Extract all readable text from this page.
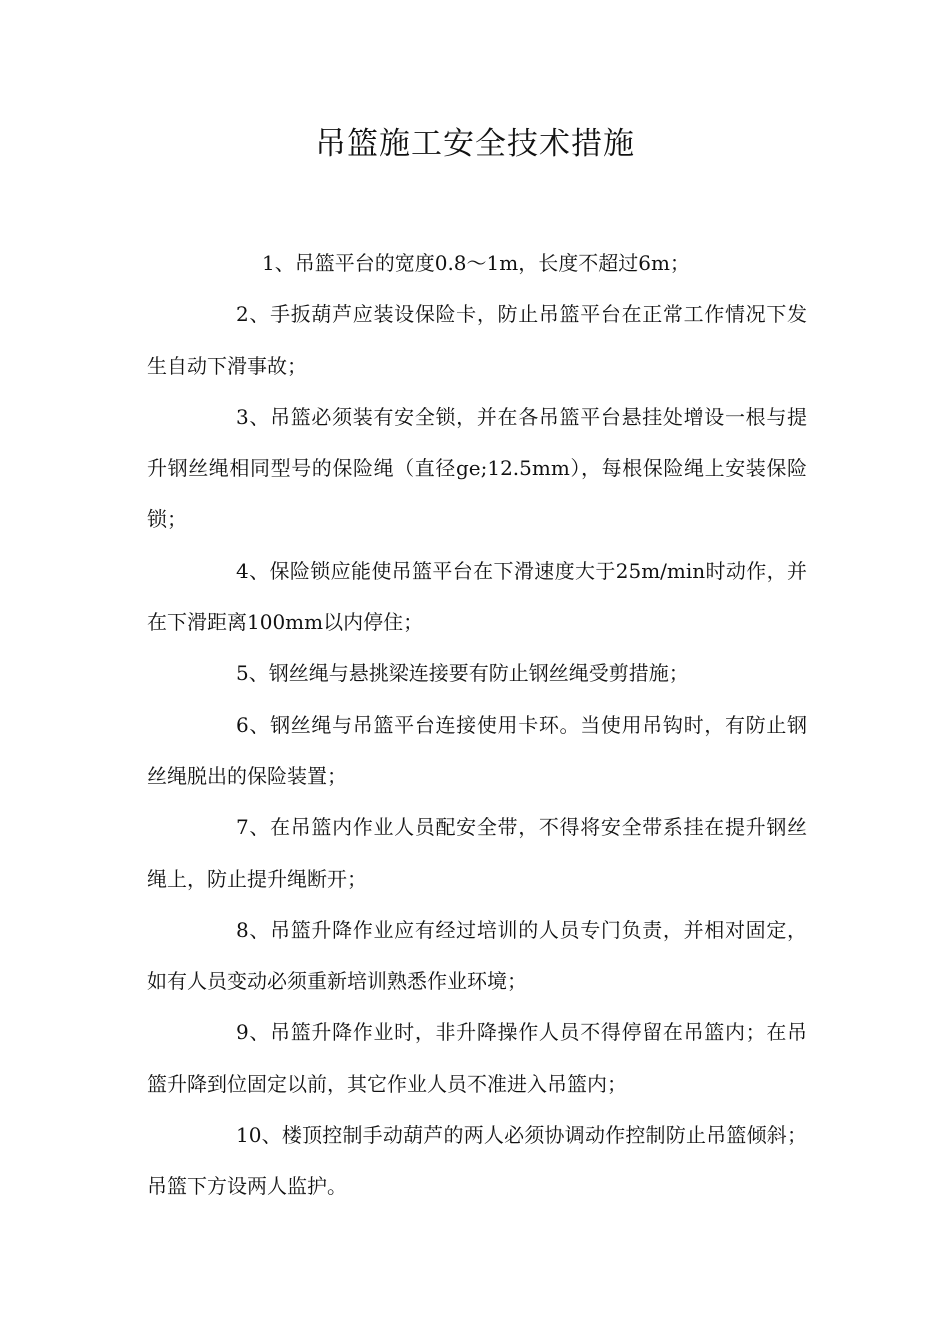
吊篮施工安全技术措施

1、吊篮平台的宽度0.8～1m，长度不超过6m；

2、手扳葫芦应装设保险卡，防止吊篮平台在正常工作情况下发生自动下滑事故；

3、吊篮必须装有安全锁，并在各吊篮平台悬挂处增设一根与提升钢丝绳相同型号的保险绳（直径ge;12.5mm），每根保险绳上安装保险锁；

4、保险锁应能使吊篮平台在下滑速度大于25m/min时动作，并在下滑距离100mm以内停住；

5、钢丝绳与悬挑梁连接要有防止钢丝绳受剪措施；

6、钢丝绳与吊篮平台连接使用卡环。当使用吊钩时，有防止钢丝绳脱出的保险装置；

7、在吊篮内作业人员配安全带，不得将安全带系挂在提升钢丝绳上，防止提升绳断开；

8、吊篮升降作业应有经过培训的人员专门负责，并相对固定，如有人员变动必须重新培训熟悉作业环境；

9、吊篮升降作业时，非升降操作人员不得停留在吊篮内；在吊篮升降到位固定以前，其它作业人员不准进入吊篮内；

10、楼顶控制手动葫芦的两人必须协调动作控制防止吊篮倾斜；吊篮下方设两人监护。
